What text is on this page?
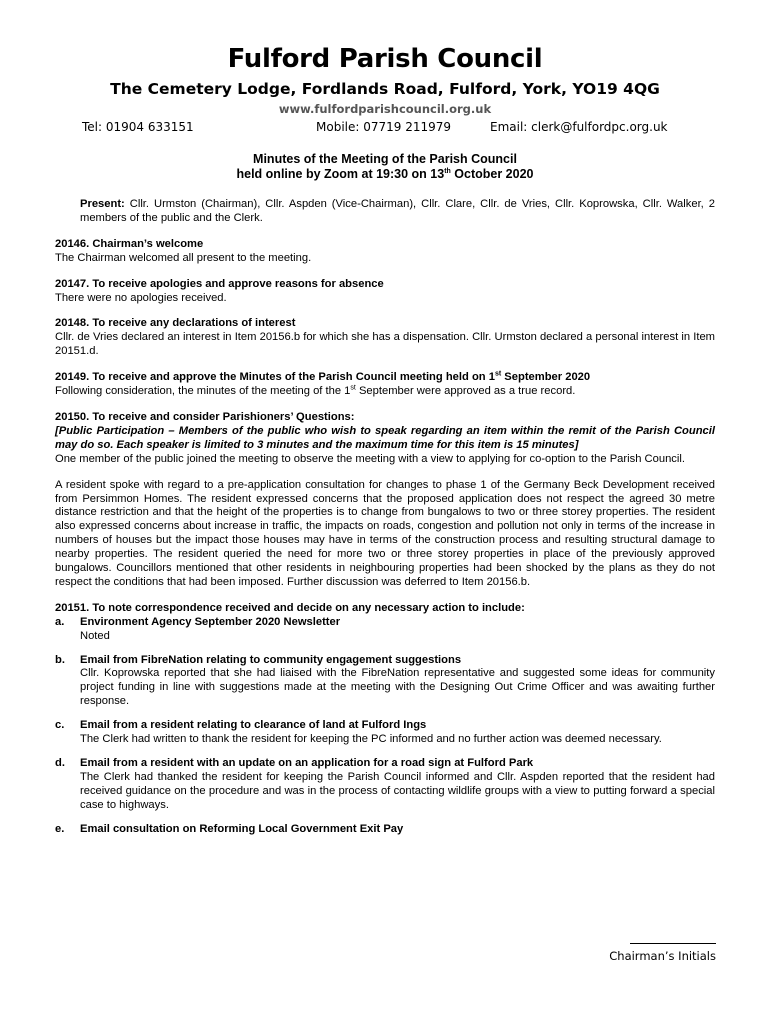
Fulford Parish Council
The Cemetery Lodge, Fordlands Road, Fulford, York, YO19 4QG
www.fulfordparishcouncil.org.uk
Tel: 01904 633151	Mobile: 07719 211979	Email: clerk@fulfordpc.org.uk
Minutes of the Meeting of the Parish Council
held online by Zoom at 19:30 on 13th October 2020

Present: Cllr. Urmston (Chairman), Cllr. Aspden (Vice-Chairman), Cllr. Clare, Cllr. de Vries, Cllr. Koprowska, Cllr. Walker, 2 members of the public and the Clerk.

20146. Chairman’s welcome

The Chairman welcomed all present to the meeting.

20147. To receive apologies and approve reasons for absence

There were no apologies received.

20148. To receive any declarations of interest

Cllr. de Vries declared an interest in Item 20156.b for which she has a dispensation. Cllr. Urmston declared a personal interest in Item 20151.d.

20149. To receive and approve the Minutes of the Parish Council meeting held on 1st September 2020

Following consideration, the minutes of the meeting of the 1st September were approved as a true record.

20150. To receive and consider Parishioners’ Questions:

[Public Participation – Members of the public who wish to speak regarding an item within the remit of the Parish Council may do so. Each speaker is limited to 3 minutes and the maximum time for this item is 15 minutes]

One member of the public joined the meeting to observe the meeting with a view to applying for co-option to the Parish Council.

A resident spoke with regard to a pre-application consultation for changes to phase 1 of the Germany Beck Development received from Persimmon Homes. The resident expressed concerns that the proposed application does not respect the agreed 30 metre distance restriction and that the height of the properties is to change from bungalows to two or three storey properties. The resident also expressed concerns about increase in traffic, the impacts on roads, congestion and pollution not only in terms of the increase in numbers of houses but the impact those houses may have in terms of the construction process and resulting structural damage to nearby properties. The resident queried the need for more two or three storey properties in place of the previously approved bungalows. Councillors mentioned that other residents in neighbouring properties had been shocked by the plans as they do not respect the conditions that had been imposed. Further discussion was deferred to Item 20156.b.

20151. To note correspondence received and decide on any necessary action to include:

a. Environment Agency September 2020 Newsletter

Noted

b. Email from FibreNation relating to community engagement suggestions

Cllr. Koprowska reported that she had liaised with the FibreNation representative and suggested some ideas for community project funding in line with suggestions made at the meeting with the Designing Out Crime Officer and was awaiting further response.

c. Email from a resident relating to clearance of land at Fulford Ings

The Clerk had written to thank the resident for keeping the PC informed and no further action was deemed necessary.

d. Email from a resident with an update on an application for a road sign at Fulford Park

The Clerk had thanked the resident for keeping the Parish Council informed and Cllr. Aspden reported that the resident had received guidance on the procedure and was in the process of contacting wildlife groups with a view to putting forward a special case to highways.

e. Email consultation on Reforming Local Government Exit Pay

Chairman’s Initials
